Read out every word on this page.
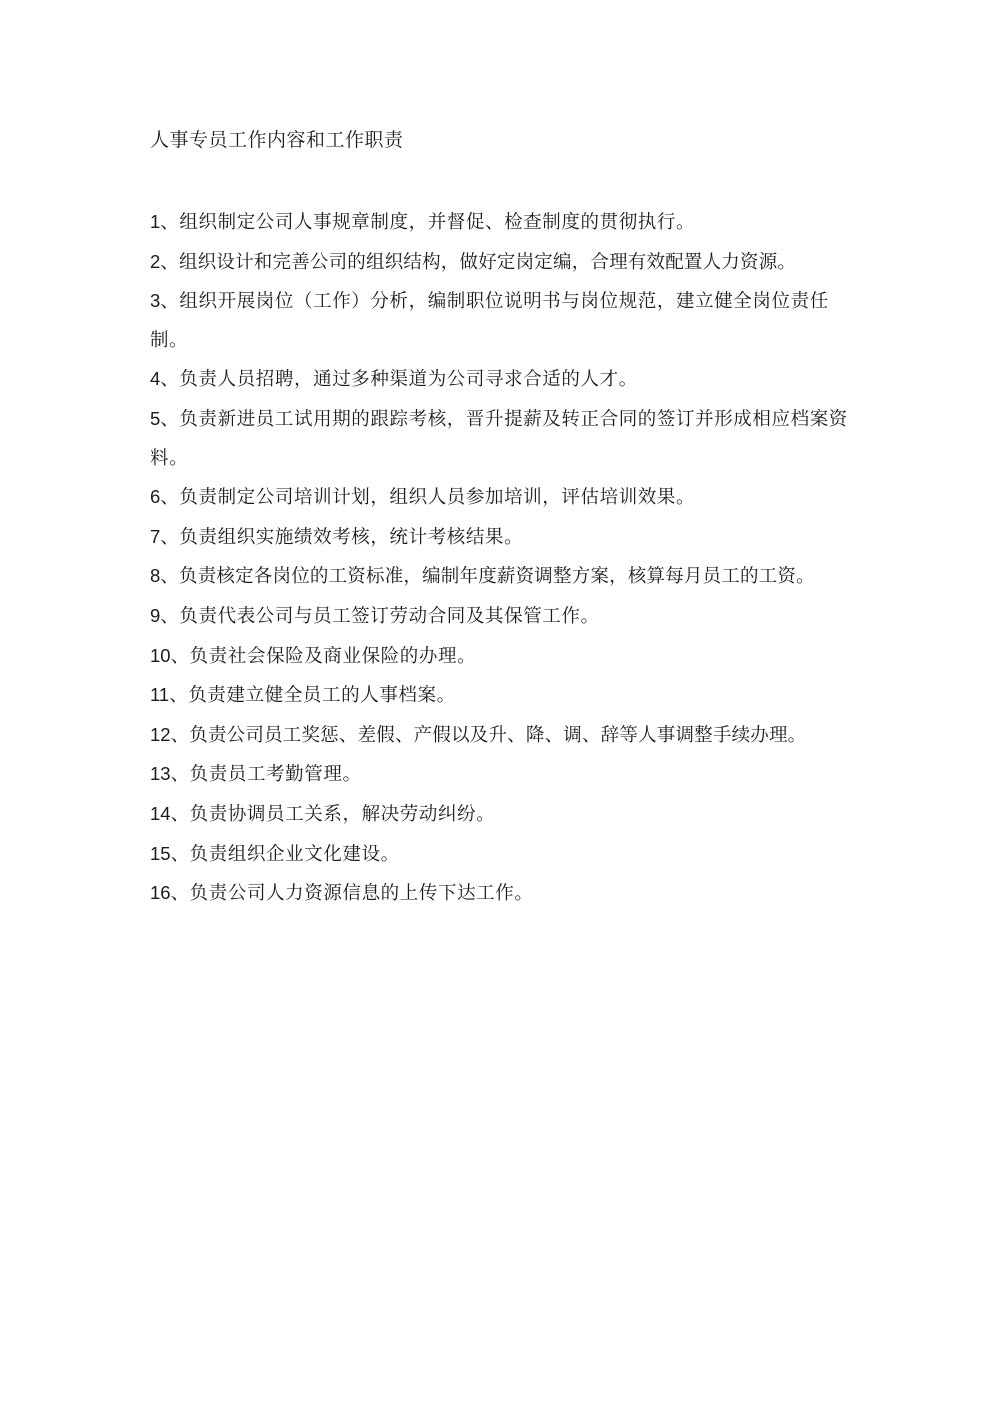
人事专员工作内容和工作职责
1、组织制定公司人事规章制度，并督促、检查制度的贯彻执行。
2、组织设计和完善公司的组织结构，做好定岗定编，合理有效配置人力资源。
3、组织开展岗位（工作）分析，编制职位说明书与岗位规范，建立健全岗位责任制。
4、负责人员招聘，通过多种渠道为公司寻求合适的人才。
5、负责新进员工试用期的跟踪考核，晋升提薪及转正合同的签订并形成相应档案资料。
6、负责制定公司培训计划，组织人员参加培训，评估培训效果。
7、负责组织实施绩效考核，统计考核结果。
8、负责核定各岗位的工资标准，编制年度薪资调整方案，核算每月员工的工资。
9、负责代表公司与员工签订劳动合同及其保管工作。
10、负责社会保险及商业保险的办理。
11、负责建立健全员工的人事档案。
12、负责公司员工奖惩、差假、产假以及升、降、调、辞等人事调整手续办理。
13、负责员工考勤管理。
14、负责协调员工关系，解决劳动纠纷。
15、负责组织企业文化建设。
16、负责公司人力资源信息的上传下达工作。
